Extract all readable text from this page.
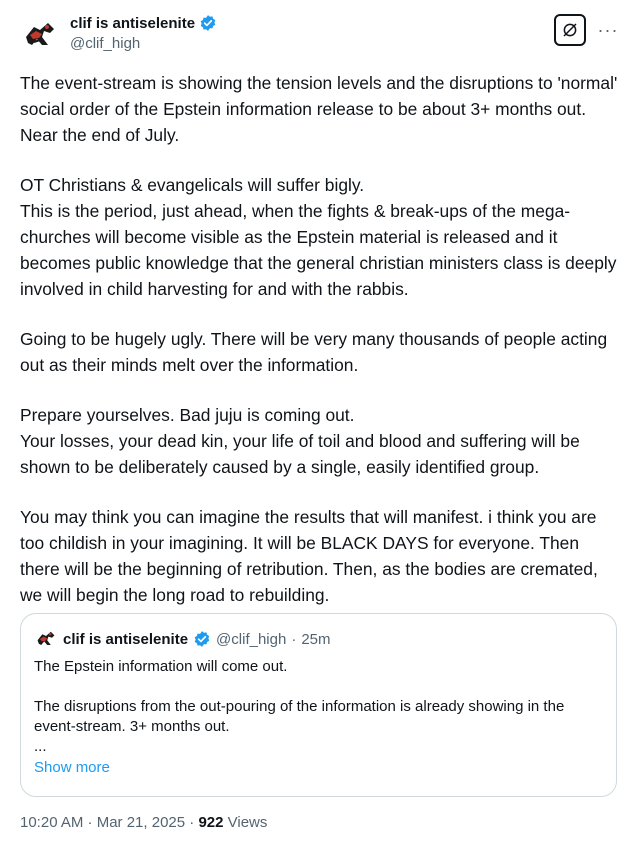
clif is antiselenite
@clif_high
···

The event-stream is showing the tension levels and the disruptions to 'normal' social order of the Epstein information release to be about 3+ months out. Near the end of July.

OT Christians & evangelicals will suffer bigly.
This is the period, just ahead, when the fights & break-ups of the mega-churches will become visible as the Epstein material is released and it becomes public knowledge that the general christian ministers class is deeply involved in child harvesting for and with the rabbis.

Going to be hugely ugly. There will be very many thousands of people acting out as their minds melt over the information.

Prepare yourselves. Bad juju is coming out.
Your losses, your dead kin, your life of toil and blood and suffering will be shown to be deliberately caused by a single, easily identified group.

You may think you can imagine the results that will manifest. i think you are too childish in your imagining. It will be BLACK DAYS for everyone. Then there will be the beginning of retribution. Then, as the bodies are cremated, we will begin the long road to rebuilding.

clif is antiselenite @clif_high · 25m

The Epstein information will come out.

The disruptions from the out-pouring of the information is already showing in the event-stream. 3+ months out.
...

Show more
10:20 AM · Mar 21, 2025 · 922 Views
